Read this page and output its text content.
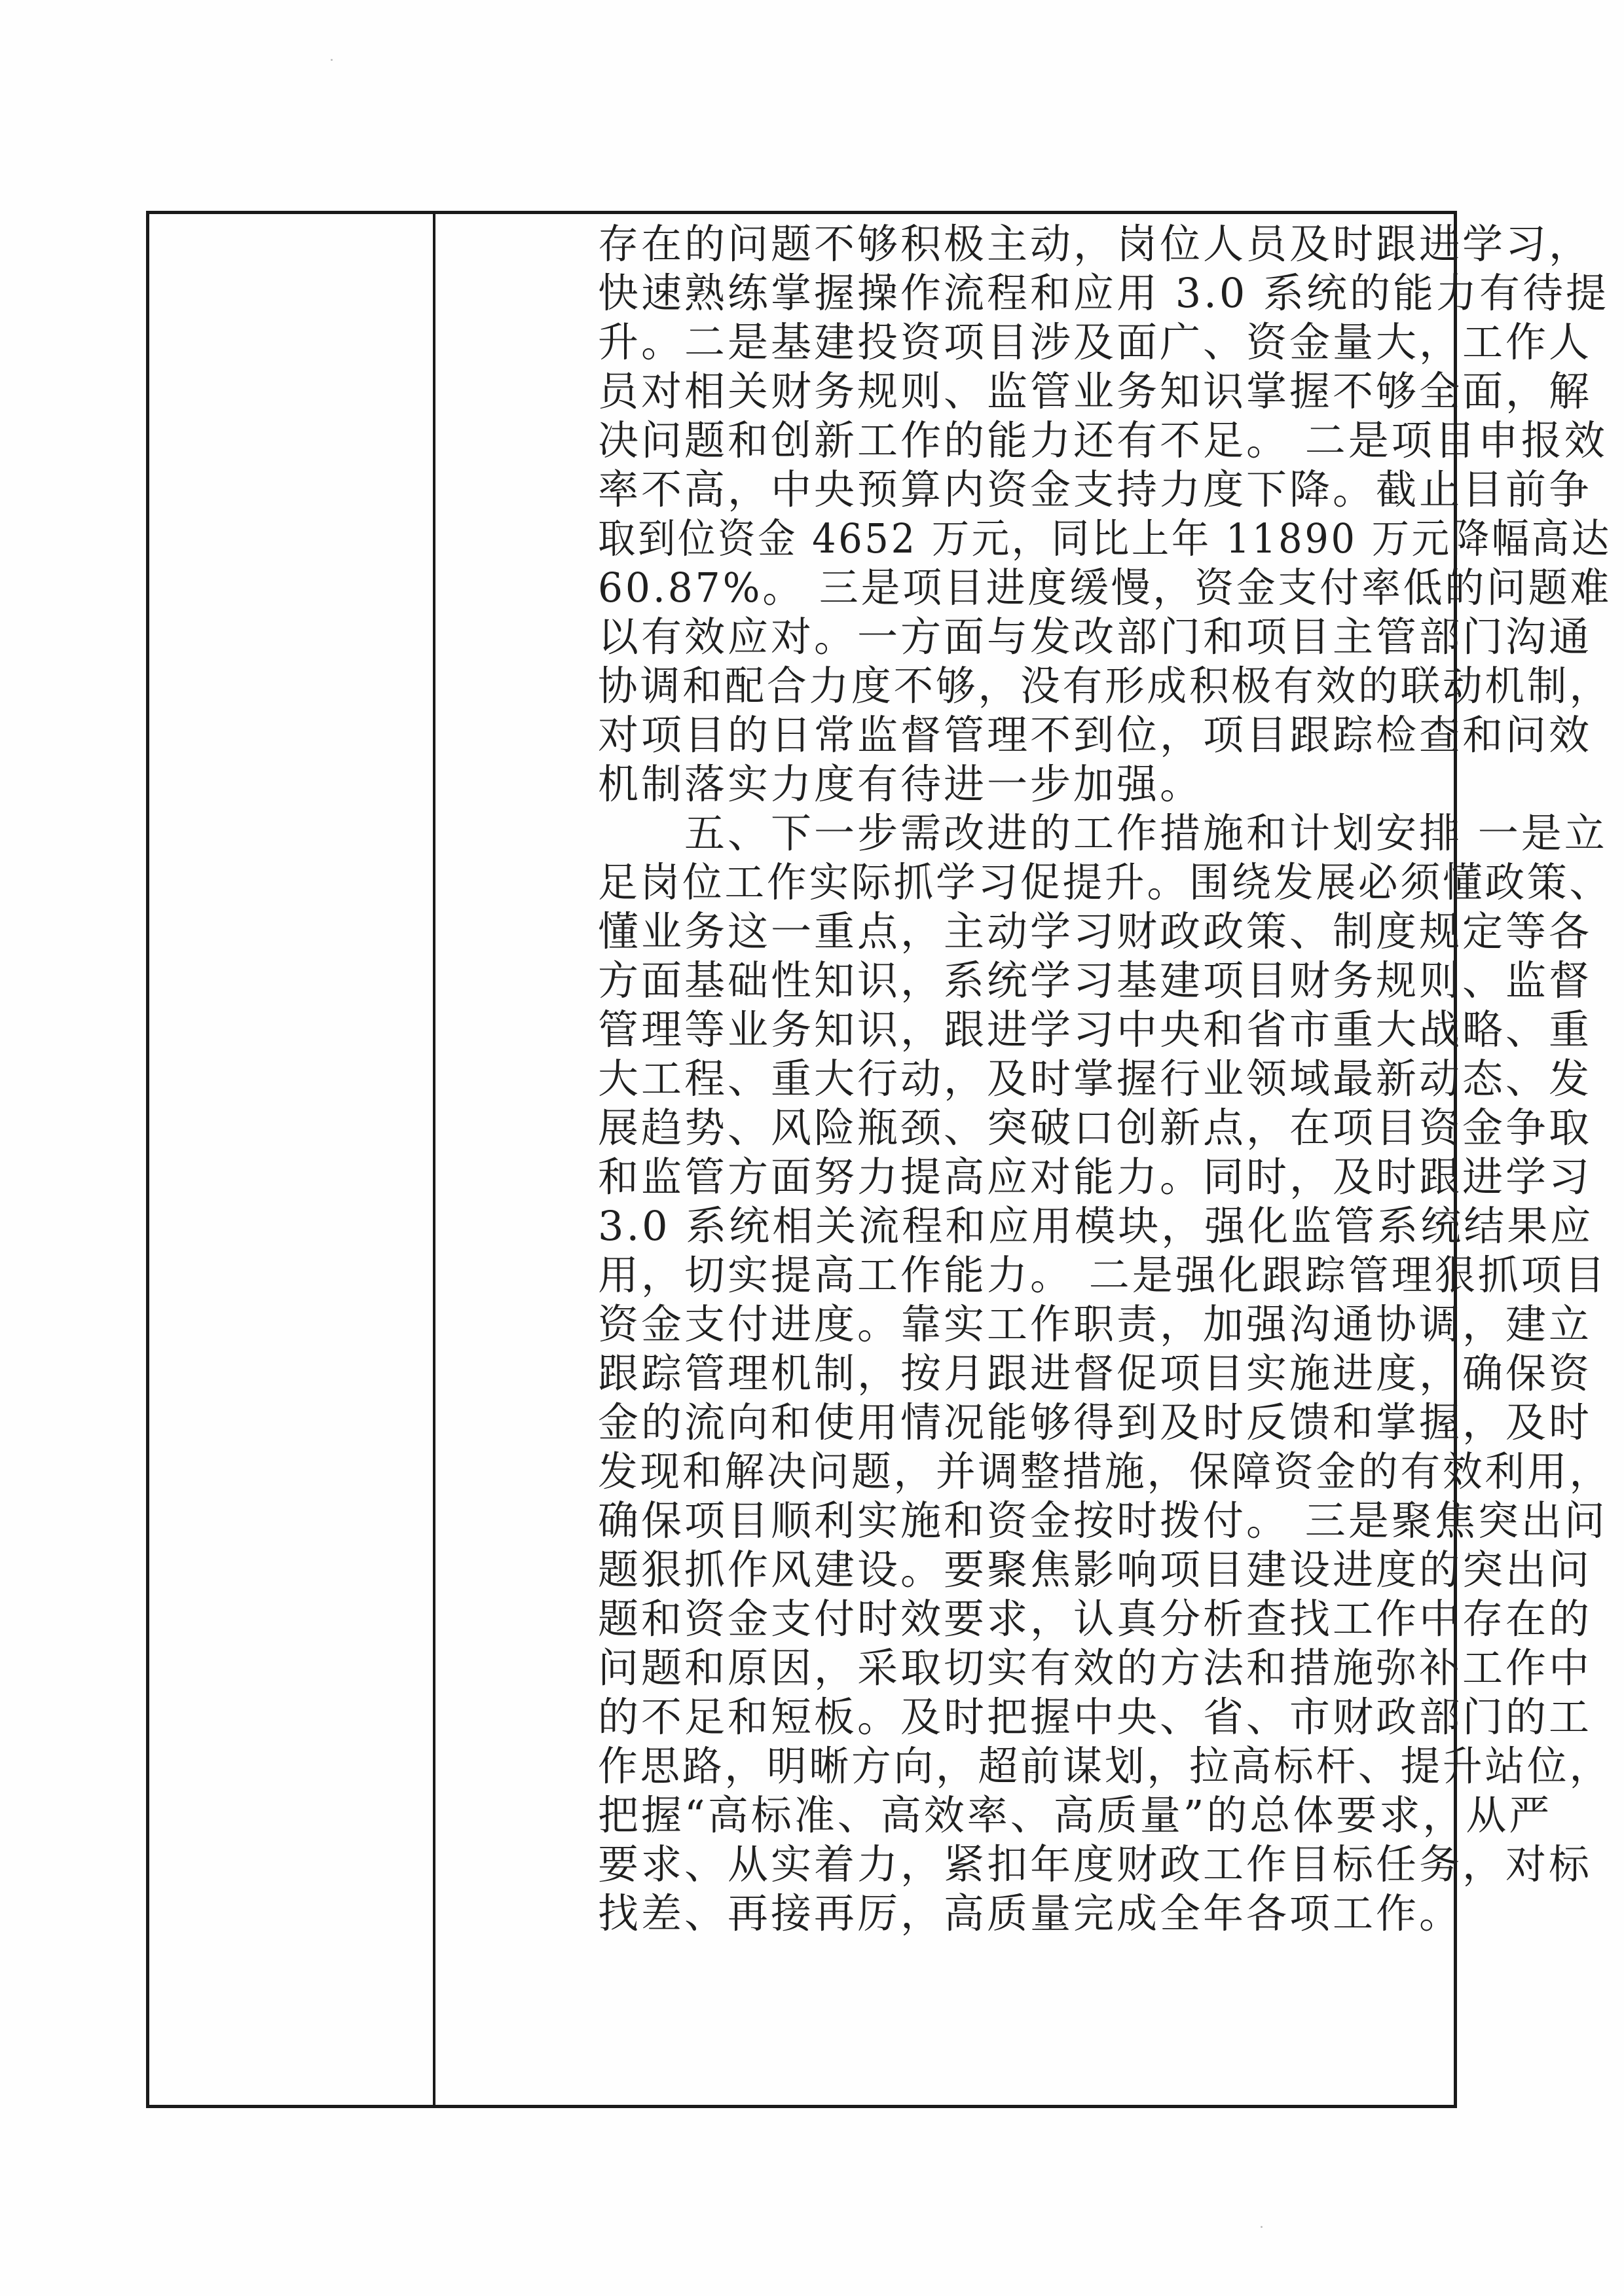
存在的问题不够积极主动，岗位人员及时跟进学习，
快速熟练掌握操作流程和应用 3.0 系统的能力有待提
升。二是基建投资项目涉及面广、资金量大，工作人
员对相关财务规则、监管业务知识掌握不够全面，解
决问题和创新工作的能力还有不足。 二是项目申报效
率不高，中央预算内资金支持力度下降。截止目前争
取到位资金 4652 万元，同比上年 11890 万元降幅高达
60.87%。 三是项目进度缓慢，资金支付率低的问题难
以有效应对。一方面与发改部门和项目主管部门沟通
协调和配合力度不够，没有形成积极有效的联动机制，
对项目的日常监督管理不到位，项目跟踪检查和问效
机制落实力度有待进一步加强。
　　五、下一步需改进的工作措施和计划安排 一是立
足岗位工作实际抓学习促提升。围绕发展必须懂政策、
懂业务这一重点，主动学习财政政策、制度规定等各
方面基础性知识，系统学习基建项目财务规则、监督
管理等业务知识，跟进学习中央和省市重大战略、重
大工程、重大行动，及时掌握行业领域最新动态、发
展趋势、风险瓶颈、突破口创新点，在项目资金争取
和监管方面努力提高应对能力。同时，及时跟进学习
3.0 系统相关流程和应用模块，强化监管系统结果应
用，切实提高工作能力。 二是强化跟踪管理狠抓项目
资金支付进度。靠实工作职责，加强沟通协调，建立
跟踪管理机制，按月跟进督促项目实施进度，确保资
金的流向和使用情况能够得到及时反馈和掌握，及时
发现和解决问题，并调整措施，保障资金的有效利用，
确保项目顺利实施和资金按时拨付。 三是聚焦突出问
题狠抓作风建设。要聚焦影响项目建设进度的突出问
题和资金支付时效要求，认真分析查找工作中存在的
问题和原因，采取切实有效的方法和措施弥补工作中
的不足和短板。及时把握中央、省、市财政部门的工
作思路，明晰方向，超前谋划，拉高标杆、提升站位，
把握“高标准、高效率、高质量”的总体要求，从严
要求、从实着力，紧扣年度财政工作目标任务，对标
找差、再接再厉，高质量完成全年各项工作。
